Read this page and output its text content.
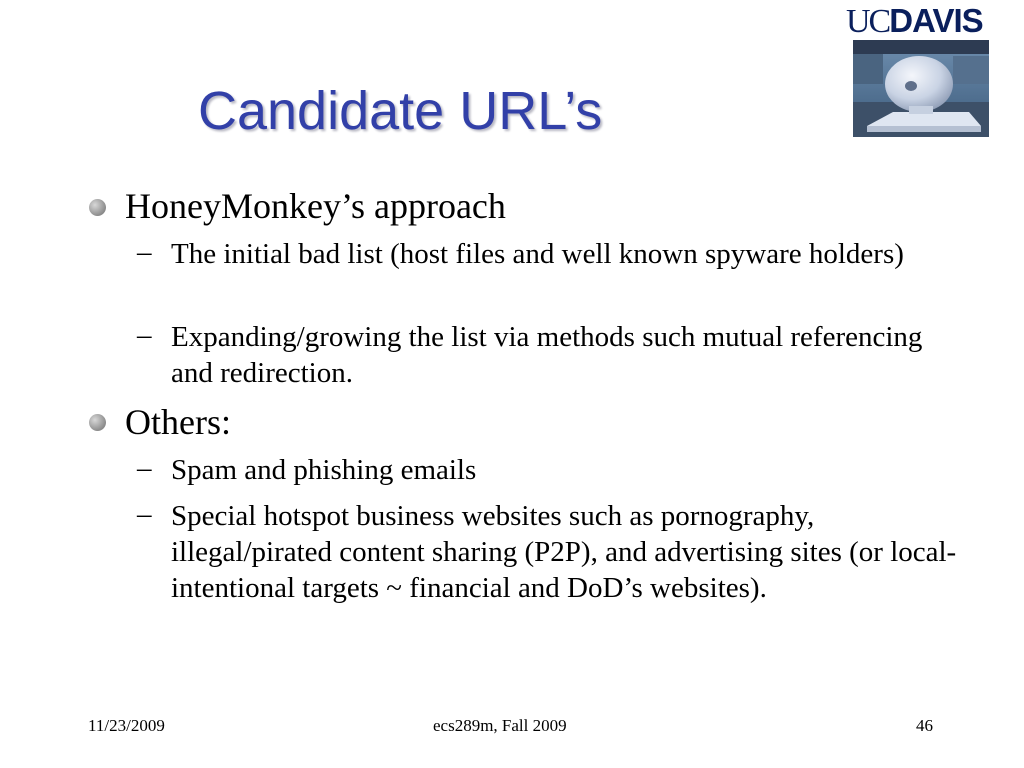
UCDAVIS
Candidate URL’s
HoneyMonkey’s approach
– The initial bad list (host files and well known spyware holders)
– Expanding/growing the list via methods such mutual referencing and redirection.
Others:
– Spam and phishing emails
– Special hotspot business websites such as pornography, illegal/pirated content sharing (P2P), and advertising sites (or local-intentional targets ~ financial and DoD’s websites).
11/23/2009	ecs289m, Fall 2009	46
